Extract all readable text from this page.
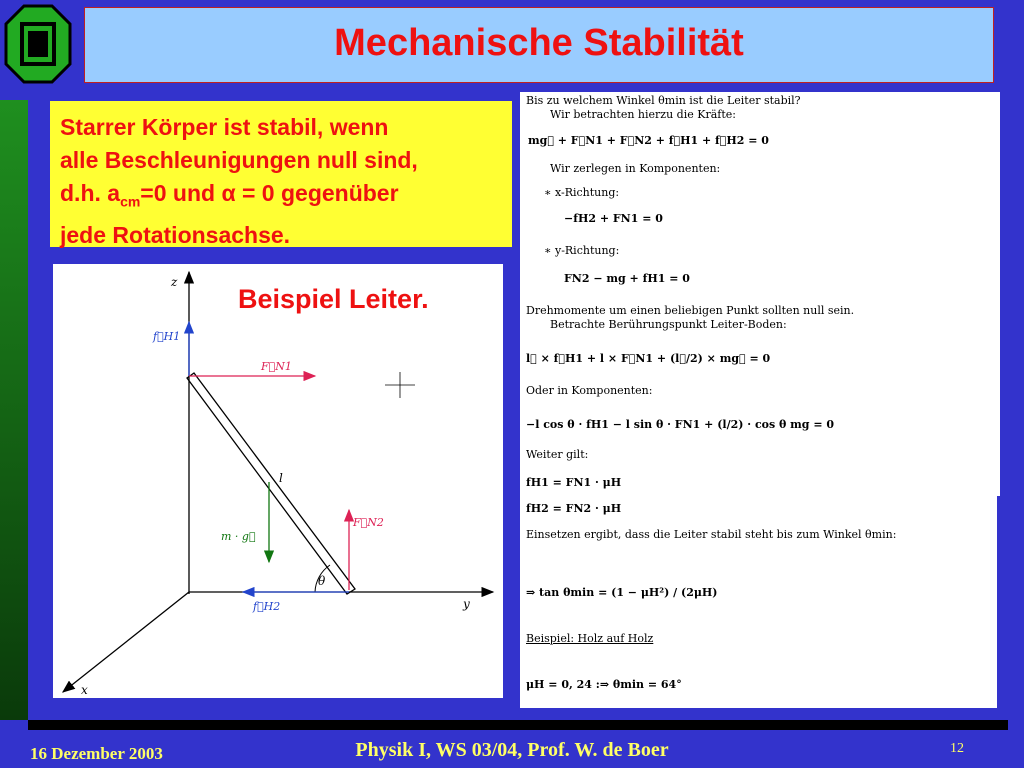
Mechanische Stabilität
Starrer Körper ist stabil, wenn
alle Beschleunigungen null sind,
d.h. $a_{cm}=0$ und α = 0 gegenüber
jede Rotationsachse.
z
y
x
θ
l
f⃗H1
F⃗N1
m · g⃗
F⃗N2
f⃗H2
Beispiel Leiter.
Bis zu welchem Winkel θmin ist die Leiter stabil?
Wir betrachten hierzu die Kräfte:
mg⃗ + F⃗N1 + F⃗N2 + f⃗H1 + f⃗H2 = 0
Wir zerlegen in Komponenten:
∗ x-Richtung:
−fH2 + FN1 = 0
∗ y-Richtung:
FN2 − mg + fH1 = 0
Drehmomente um einen beliebigen Punkt sollten null sein.
Betrachte Berührungspunkt Leiter-Boden:
l⃗ × f⃗H1 + l × F⃗N1 + (l⃗/2) × mg⃗ = 0
Oder in Komponenten:
−l cos θ · fH1 − l sin θ · FN1 + (l/2) · cos θ mg = 0
Weiter gilt:
fH1 = FN1 · μH
fH2 = FN2 · μH
Einsetzen ergibt, dass die Leiter stabil steht bis zum Winkel θmin:
⇒ tan θmin = (1 − μH²) / (2μH)
Beispiel: Holz auf Holz
μH = 0, 24 :⇒ θmin = 64°
16 Dezember 2003	Physik I, WS 03/04, Prof. W. de Boer	12
